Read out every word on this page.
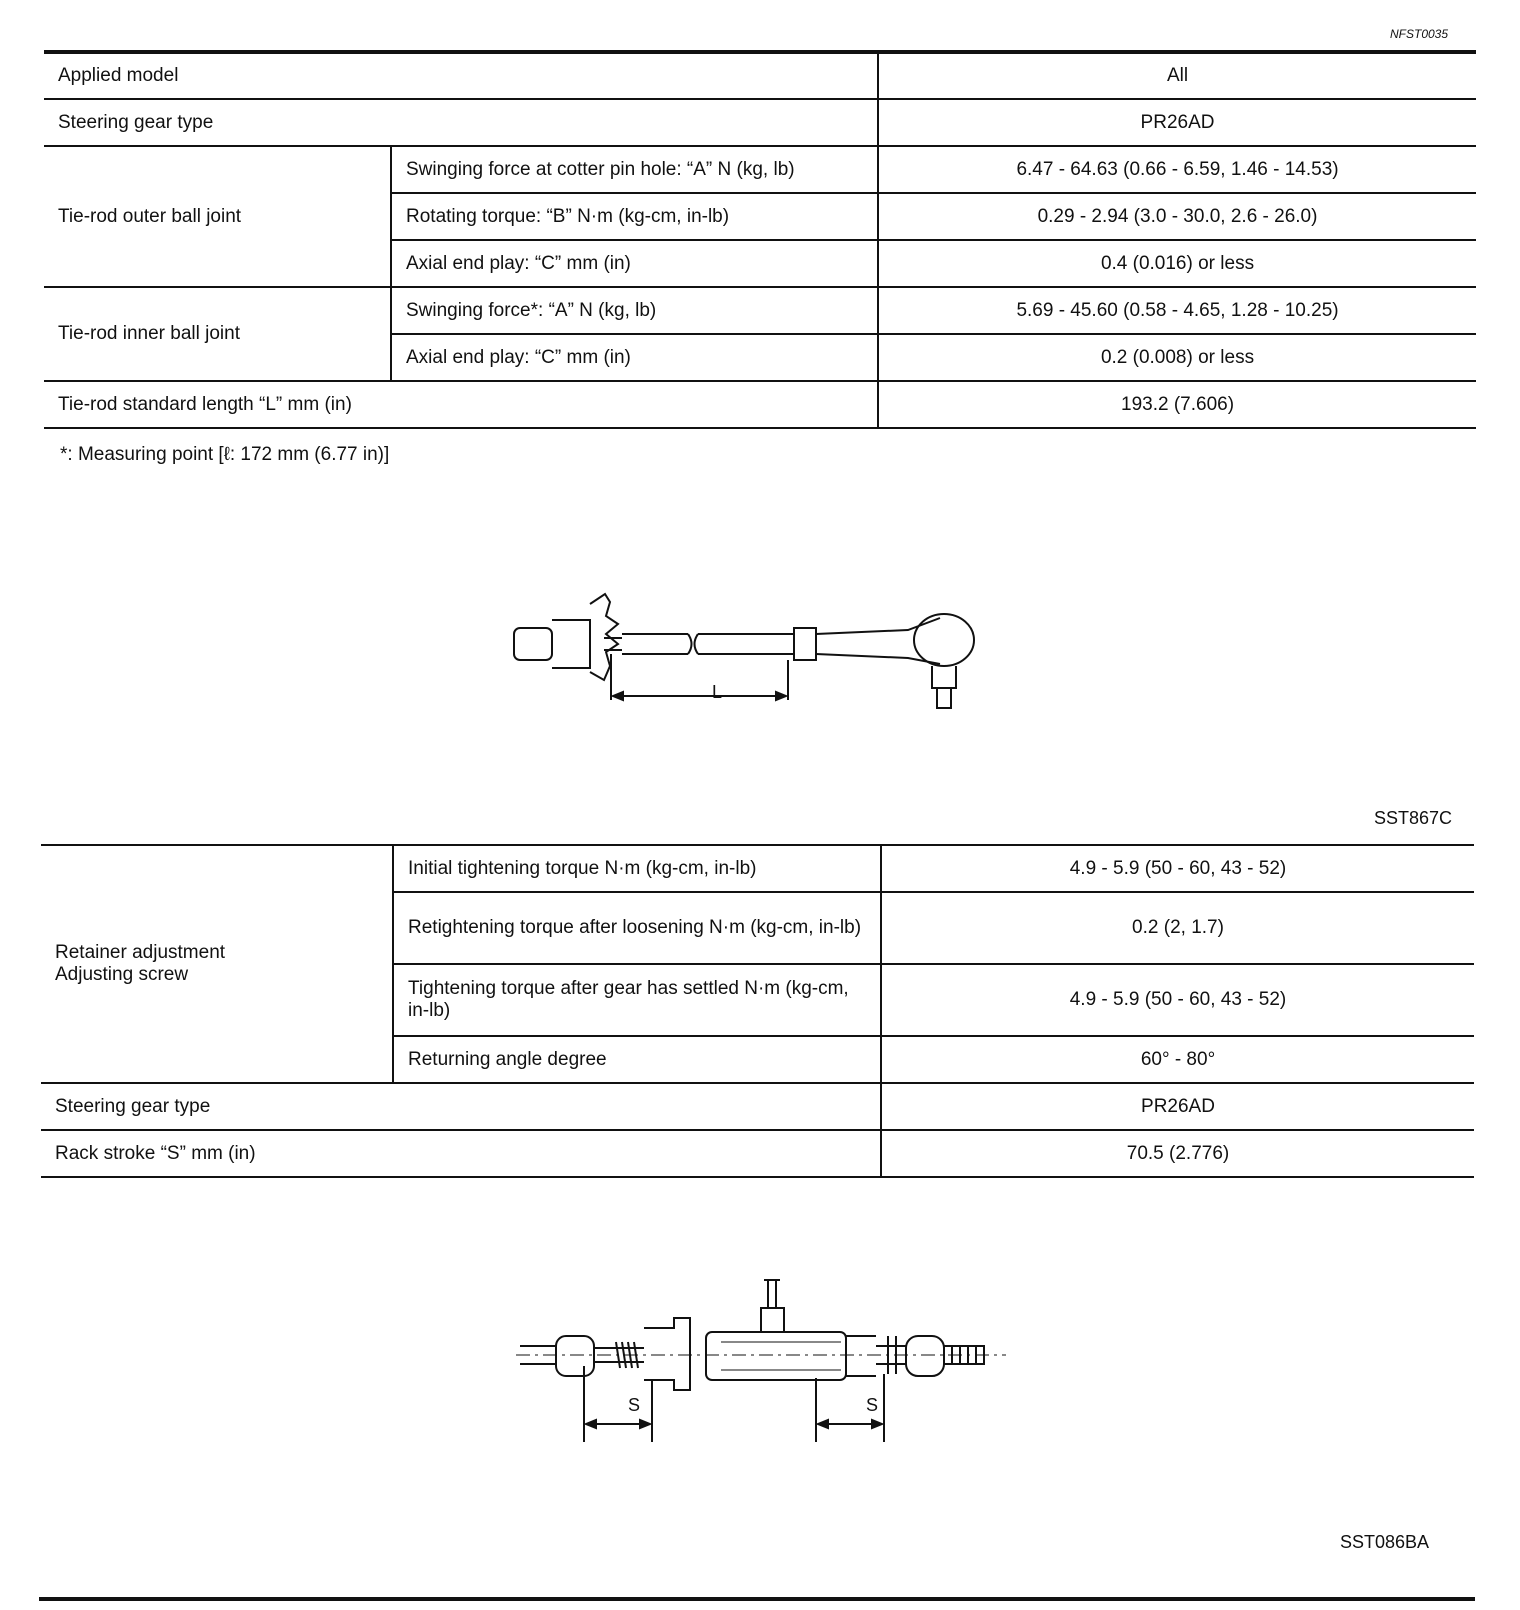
NFST0035
Applied model		All
Steering gear type		PR26AD
Tie-rod outer ball joint	Swinging force at cotter pin hole: “A” N (kg, lb)	6.47 - 64.63 (0.66 - 6.59, 1.46 - 14.53)
	Rotating torque: “B” N·m (kg-cm, in-lb)	0.29 - 2.94 (3.0 - 30.0, 2.6 - 26.0)
	Axial end play: “C” mm (in)	0.4 (0.016) or less
Tie-rod inner ball joint	Swinging force*: “A” N (kg, lb)	5.69 - 45.60 (0.58 - 4.65, 1.28 - 10.25)
	Axial end play: “C” mm (in)	0.2 (0.008) or less
Tie-rod standard length “L” mm (in)		193.2 (7.606)
*: Measuring point [ℓ: 172 mm (6.77 in)]
L
SST867C
Retainer adjustment
Adjusting screw	Initial tightening torque N·m (kg-cm, in-lb)	4.9 - 5.9 (50 - 60, 43 - 52)
	Retightening torque after loosening N·m (kg-cm, in-lb)	0.2 (2, 1.7)
	Tightening torque after gear has settled N·m (kg-cm, in-lb)	4.9 - 5.9 (50 - 60, 43 - 52)
	Returning angle degree	60° - 80°
Steering gear type		PR26AD
Rack stroke “S” mm (in)		70.5 (2.776)
S	S
SST086BA
